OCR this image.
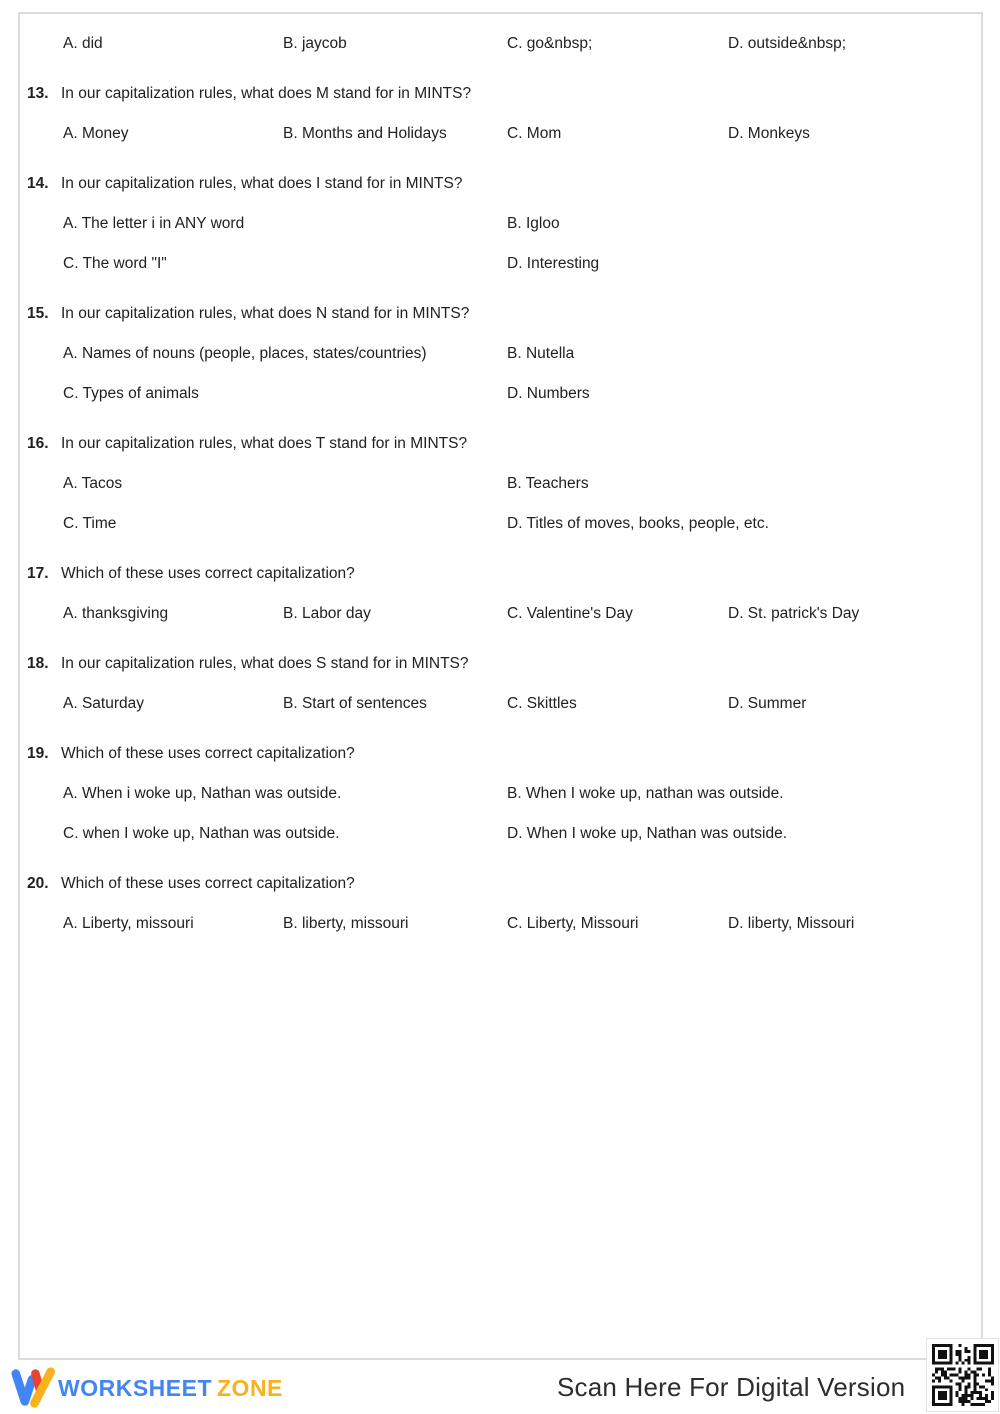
A. did	B. jaycob	C. go&nbsp;	D. outside&nbsp;
13. In our capitalization rules, what does M stand for in MINTS?
A. Money	B. Months and Holidays	C. Mom	D. Monkeys
14. In our capitalization rules, what does I stand for in MINTS?
A. The letter i in ANY word	B. Igloo
C. The word "I"	D. Interesting
15. In our capitalization rules, what does N stand for in MINTS?
A. Names of nouns (people, places, states/countries)	B. Nutella
C. Types of animals	D. Numbers
16. In our capitalization rules, what does T stand for in MINTS?
A. Tacos	B. Teachers
C. Time	D. Titles of moves, books, people, etc.
17. Which of these uses correct capitalization?
A. thanksgiving	B. Labor day	C. Valentine's Day	D. St. patrick's Day
18. In our capitalization rules, what does S stand for in MINTS?
A. Saturday	B. Start of sentences	C. Skittles	D. Summer
19. Which of these uses correct capitalization?
A. When i woke up, Nathan was outside.	B. When I woke up, nathan was outside.
C. when I woke up, Nathan was outside.	D. When I woke up, Nathan was outside.
20. Which of these uses correct capitalization?
A. Liberty, missouri	B. liberty, missouri	C. Liberty, Missouri	D. liberty, Missouri
WORKSHEET ZONE	Scan Here For Digital Version
